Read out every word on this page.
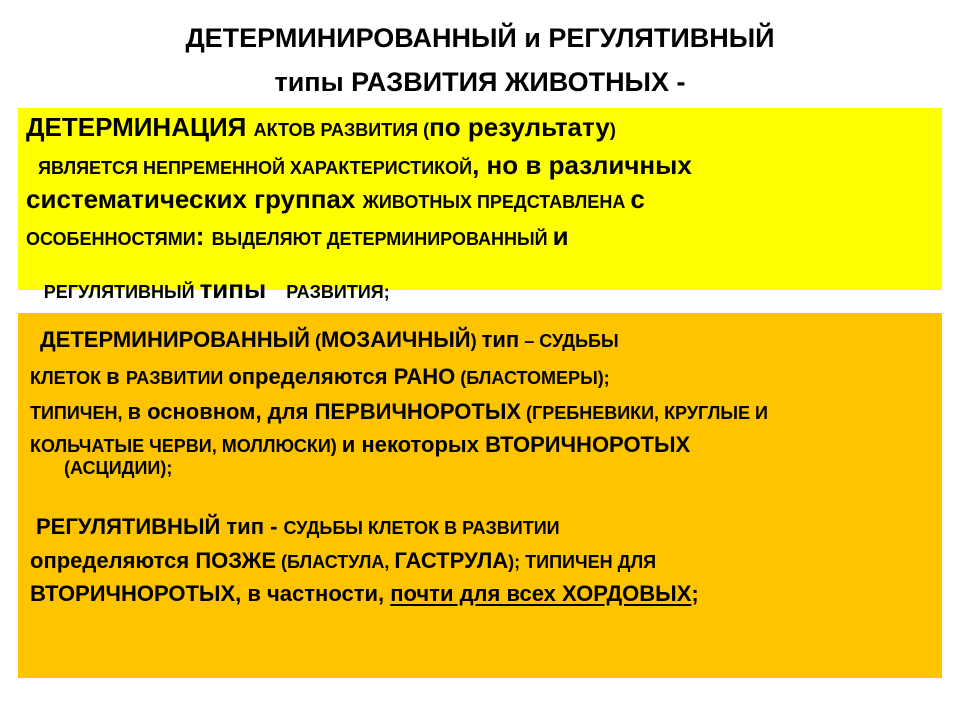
ДЕТЕРМИНИРОВАННЫЙ и РЕГУЛЯТИВНЫЙ
типы РАЗВИТИЯ ЖИВОТНЫХ -
ДЕТЕРМИНАЦИЯ АКТОВ РАЗВИТИЯ (по результату)
ЯВЛЯЕТСЯ НЕПРЕМЕННОЙ ХАРАКТЕРИСТИКОЙ, но в различных
систематических группах ЖИВОТНЫХ ПРЕДСТАВЛЕНА с
ОСОБЕННОСТЯМИ: ВЫДЕЛЯЮТ ДЕТЕРМИНИРОВАННЫЙ и

РЕГУЛЯТИВНЫЙ типы    РАЗВИТИЯ;

ДЕТЕРМИНИРОВАННЫЙ (МОЗАИЧНЫЙ) тип – СУДЬБЫ
КЛЕТОК в РАЗВИТИИ определяются РАНО (БЛАСТОМЕРЫ);
ТИПИЧЕН, в основном, для ПЕРВИЧНОРОТЫХ (ГРЕБНЕВИКИ, КРУГЛЫЕ И
КОЛЬЧАТЫЕ ЧЕРВИ, МОЛЛЮСКИ) и некоторых ВТОРИЧНОРОТЫХ
(АСЦИДИИ);
РЕГУЛЯТИВНЫЙ тип - СУДЬБЫ КЛЕТОК В РАЗВИТИИ
определяются ПОЗЖЕ (БЛАСТУЛА, ГАСТРУЛА); ТИПИЧЕН ДЛЯ
ВТОРИЧНОРОТЫХ, в частности, почти для всех ХОРДОВЫХ;
